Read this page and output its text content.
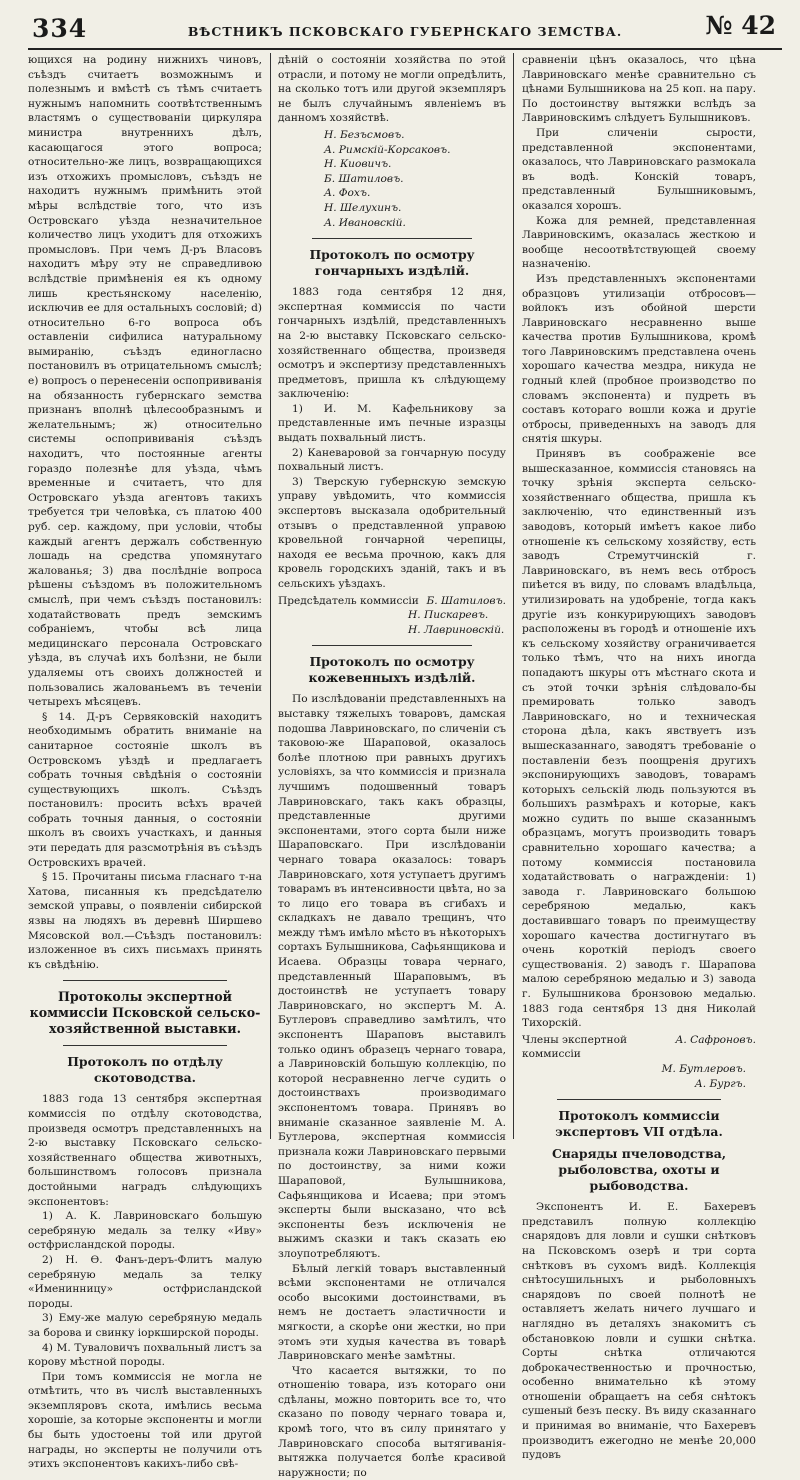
334	ВѢСТНИКЪ ПСКОВСКАГО ГУБЕРНСКАГО ЗЕМСТВА.	№ 42

ющихся на родину нижнихъ чиновъ, съѣздъ считаетъ возможнымъ и полезнымъ и вмѣстѣ съ тѣмъ считаетъ нужнымъ напомнить соотвѣтственнымъ властямъ о существованіи циркуляра министра внутреннихъ дѣлъ, касающагося этого вопроса; относительно-же лицъ, возвращающихся изъ отхожихъ промысловъ, съѣздъ не находитъ нужнымъ примѣнить этой мѣры вслѣдствіе того, что изъ Островскаго уѣзда незначительное количество лицъ уходитъ для отхожихъ промысловъ. При чемъ Д-ръ Власовъ находитъ мѣру эту не справедливою вслѣдствіе примѣненія ея къ одному лишь крестьянскому населенію, исключив ее для остальныхъ сословій; d) относительно 6-го вопроса объ оставленіи сифилиса натуральному вымиранію, съѣздъ единогласно постановилъ въ отрицательномъ смыслѣ; e) вопросъ о перенесеніи оспопрививанія на обязанность губернскаго земства признанъ вполнѣ цѣлесообразнымъ и желательнымъ; ж) относительно системы оспопрививанія съѣздъ находитъ, что постоянные агенты гораздо полезнѣе для уѣзда, чѣмъ временные и считаетъ, что для Островскаго уѣзда агентовъ такихъ требуется три человѣка, съ платою 400 руб. сер. каждому, при условіи, чтобы каждый агентъ держалъ собственную лошадь на средства упомянутаго жалованья; 3) два послѣдніе вопроса рѣшены съѣздомъ въ положительномъ смыслѣ, при чемъ съѣздъ постановилъ: ходатайствовать предъ земскимъ собраніемъ, чтобы всѣ лица медицинскаго персонала Островскаго уѣзда, въ случаѣ ихъ болѣзни, не были удаляемы отъ своихъ должностей и пользовались жалованьемъ въ теченіи четырехъ мѣсяцевъ.

§ 14. Д-ръ Сервяковскій находитъ необходимымъ обратить вниманіе на санитарное состояніе школъ въ Островскомъ уѣздѣ и предлагаетъ собрать точныя свѣдѣнія о состояніи существующихъ школъ. Съѣздъ постановилъ: просить всѣхъ врачей собрать точныя данныя, о состояніи школъ въ своихъ участкахъ, и данныя эти передать для разсмотрѣнія въ съѣздъ Островскихъ врачей.

§ 15. Прочитаны письма гласнаго т-на Хатова, писанныя къ предсѣдателю земской управы, о появленіи сибирской язвы на людяхъ въ деревнѣ Ширшево Мясовской вол.—Съѣздъ постановилъ: изложенное въ сихъ письмахъ принять къ свѣдѣнію.

Протоколы экспертной коммиссіи Псковской сельско-хозяйственной выставки.
Протоколъ по отдѣлу скотоводства.

1883 года 13 сентября экспертная коммиссія по отдѣлу скотоводства, произведя осмотръ представленныхъ на 2-ю выставку Псковскаго сельско-хозяйственнаго общества животныхъ, большинствомъ голосовъ признала достойными наградъ слѣдующихъ экспонентовъ:

1) А. К. Лавриновскаго большую серебряную медаль за телку «Иву» остфрисландской породы.

2) Н. Ѳ. Фанъ-деръ-Флитъ малую серебряную медаль за телку «Именинницу» остфрисландской породы.

3) Ему-же малую серебряную медаль за борова и свинку іоркширской породы.

4) М. Туваловичъ похвальный листъ за корову мѣстной породы.

При томъ коммиссія не могла не отмѣтить, что въ числѣ выставленныхъ экземпляровъ скота, имѣлись весьма хорошіе, за которые экспоненты и могли бы быть удостоены той или другой награды, но эксперты не получили отъ этихъ экспонентовъ какихъ-либо свѣ-

дѣній о состояніи хозяйства по этой отрасли, и потому не могли опредѣлить, на сколько тотъ или другой экземпляръ не былъ случайнымъ явленіемъ въ данномъ хозяйствѣ.

Н. Безъсмовъ.
А. Римскій-Корсаковъ.
Н. Киовичъ.
Б. Шатиловъ.
А. Фохъ.
Н. Шелухинъ.
А. Ивановскій.
Протоколъ по осмотру гончарныхъ издѣлій.

1883 года сентября 12 дня, экспертная коммиссія по части гончарныхъ издѣлій, представленныхъ на 2-ю выставку Псковскаго сельско-хозяйственнаго общества, произведя осмотръ и экспертизу представленныхъ предметовъ, пришла къ слѣдующему заключенію:

1) И. М. Кафельникову за представленные имъ печные изразцы выдать похвальный листъ.

2) Каневаровой за гончарную посуду похвальный листъ.

3) Тверскую губернскую земскую управу увѣдомить, что коммиссія экспертовъ высказала одобрительный отзывъ о представленной управою кровельной гончарной черепицы, находя ее весьма прочною, какъ для кровель городскихъ зданій, такъ и въ сельскихъ уѣздахъ.

Предсѣдатель коммиссіи Б. Шатиловъ.
Н. Пискаревъ.
Н. Лавриновскій.
Протоколъ по осмотру кожевенныхъ издѣлій.

По изслѣдованіи представленныхъ на выставку тяжелыхъ товаровъ, дамская подошва Лавриновскаго, по сличеніи съ таковою-же Шараповой, оказалось болѣе плотною при равныхъ другихъ условіяхъ, за что коммиссія и признала лучшимъ подошвенный товаръ Лавриновскаго, такъ какъ образцы, представленные другими экспонентами, этого сорта были ниже Шараповскаго. При изслѣдованіи чернаго товара оказалось: товаръ Лавриновскаго, хотя уступаетъ другимъ товарамъ въ интенсивности цвѣта, но за то лицо его товара въ сгибахъ и складкахъ не давало трещинъ, что между тѣмъ имѣло мѣсто въ нѣкоторыхъ сортахъ Булышникова, Сафьянщикова и Исаева. Образцы товара чернаго, представленный Шараповымъ, въ достоинствѣ не уступаетъ товару Лавриновскаго, но экспертъ М. А. Бутлеровъ справедливо замѣтилъ, что экспонентъ Шараповъ выставилъ только одинъ образецъ чернаго товара, а Лавриновскій большую коллекцію, по которой несравненно легче судить о достоинствахъ производимаго экспонентомъ товара. Принявъ во вниманіе сказанное заявленіе М. А. Бутлерова, экспертная коммиссія признала кожи Лавриновскаго первыми по достоинству, за ними кожи Шараповой, Булышникова, Сафьянщикова и Исаева; при этомъ эксперты были высказано, что всѣ экспоненты безъ исключенія не выжимъ сказки и такъ сказать ею злоупотребляютъ.

Бѣлый легкій товаръ выставленный всѣми экспонентами не отличался особо высокими достоинствами, въ немъ не достаетъ эластичности и мягкости, а скорѣе они жестки, но при этомъ эти худыя качества въ товарѣ Лавриновскаго менѣе замѣтны.

Что касается вытяжки, то по отношенію товара, изъ котораго они сдѣланы, можно повторить все то, что сказано по поводу чернаго товара и, кромѣ того, что въ силу принятаго у Лавриновскаго способа вытягиванія-вытяжка получается болѣе красивой наружности; по

сравненіи цѣнъ оказалось, что цѣна Лавриновскаго менѣе сравнительно съ цѣнами Булышникова на 25 коп. на пару. По достоинству вытяжки вслѣдъ за Лавриновскимъ слѣдуетъ Булышниковъ.

При сличеніи сырости, представленной экспонентами, оказалось, что Лавриновскаго размокала въ водѣ. Конскій товаръ, представленный Булышниковымъ, оказался хорошъ.

Кожа для ремней, представленная Лавриновскимъ, оказалась жесткою и вообще несоотвѣтствующей своему назначенію.

Изъ представленныхъ экспонентами образцовъ утилизаціи отбросовъ—войлокъ изъ обойной шерсти Лавриновскаго несравненно выше качества против Булышникова, кромѣ того Лавриновскимъ представлена очень хорошаго качества мездра, никуда не годный клей (пробное производство по словамъ экспонента) и пудреть въ составъ котораго вошли кожа и другіе отбросы, приведенныхъ на заводъ для снятія шкуры.

Принявъ въ соображеніе все вышесказанное, коммиссія становясь на точку зрѣнія эксперта сельско-хозяйственнаго общества, пришла къ заключенію, что единственный изъ заводовъ, который имѣетъ какое либо отношеніе къ сельскому хозяйству, есть заводъ Стремутчинскій г. Лавриновскаго, въ немъ весь отбросъ пиѣется въ виду, по словамъ владѣльца, утилизировать на удобреніе, тогда какъ другіе изъ конкурирующихъ заводовъ расположены въ городѣ и отношеніе ихъ къ сельскому хозяйству ограничивается только тѣмъ, что на нихъ иногда попадаютъ шкуры отъ мѣстнаго скота и съ этой точки зрѣнія слѣдовало-бы премировать только заводъ Лавриновскаго, но и техническая сторона дѣла, какъ явствуетъ изъ вышесказаннаго, заводятъ требованіе о поставленіи безъ поощренія другихъ экспонирующихъ заводовъ, товарамъ которыхъ сельскій людь пользуются въ большихъ размѣрахъ и которые, какъ можно судить по выше сказаннымъ образцамъ, могутъ производить товаръ сравнительно хорошаго качества; а потому коммиссія постановила ходатайствовать о награжденіи: 1) завода г. Лавриновскаго большою серебряною медалью, какъ доставившаго товаръ по преимуществу хорошаго качества достигнутаго въ очень короткій періодъ своего существованія. 2) заводъ г. Шарапова малою серебряною медалью и 3) завода г. Булышникова бронзовою медалью. 1883 года сентября 13 дня Николай Тихорскій.

Члены экспертной коммиссіи
А. Сафроновъ.
М. Бутлеровъ.
А. Бургъ.
Протоколъ коммиссіи экспертовъ VII отдѣла.
Снаряды пчеловодства, рыболовства, охоты и рыбоводства.

Экспонентъ И. Е. Бахеревъ представилъ полную коллекцію снарядовъ для ловли и сушки снѣтковъ на Псковскомъ озерѣ и три сорта снѣтковъ въ сухомъ видѣ. Коллекція снѣтосушильныхъ и рыболовныхъ снарядовъ по своей полнотѣ не оставляетъ желать ничего лучшаго и наглядно въ деталяхъ знакомитъ съ обстановкою ловли и сушки снѣтка. Сорты снѣтка отличаются доброкачественностью и прочностью, особенно внимательно кѣ этому отношеніи обращаетъ на себя снѣтокъ сушеный безъ песку. Въ виду сказаннаго и принимая во вниманіе, что Бахеревъ производитъ ежегодно не менѣе 20,000 пудовъ
